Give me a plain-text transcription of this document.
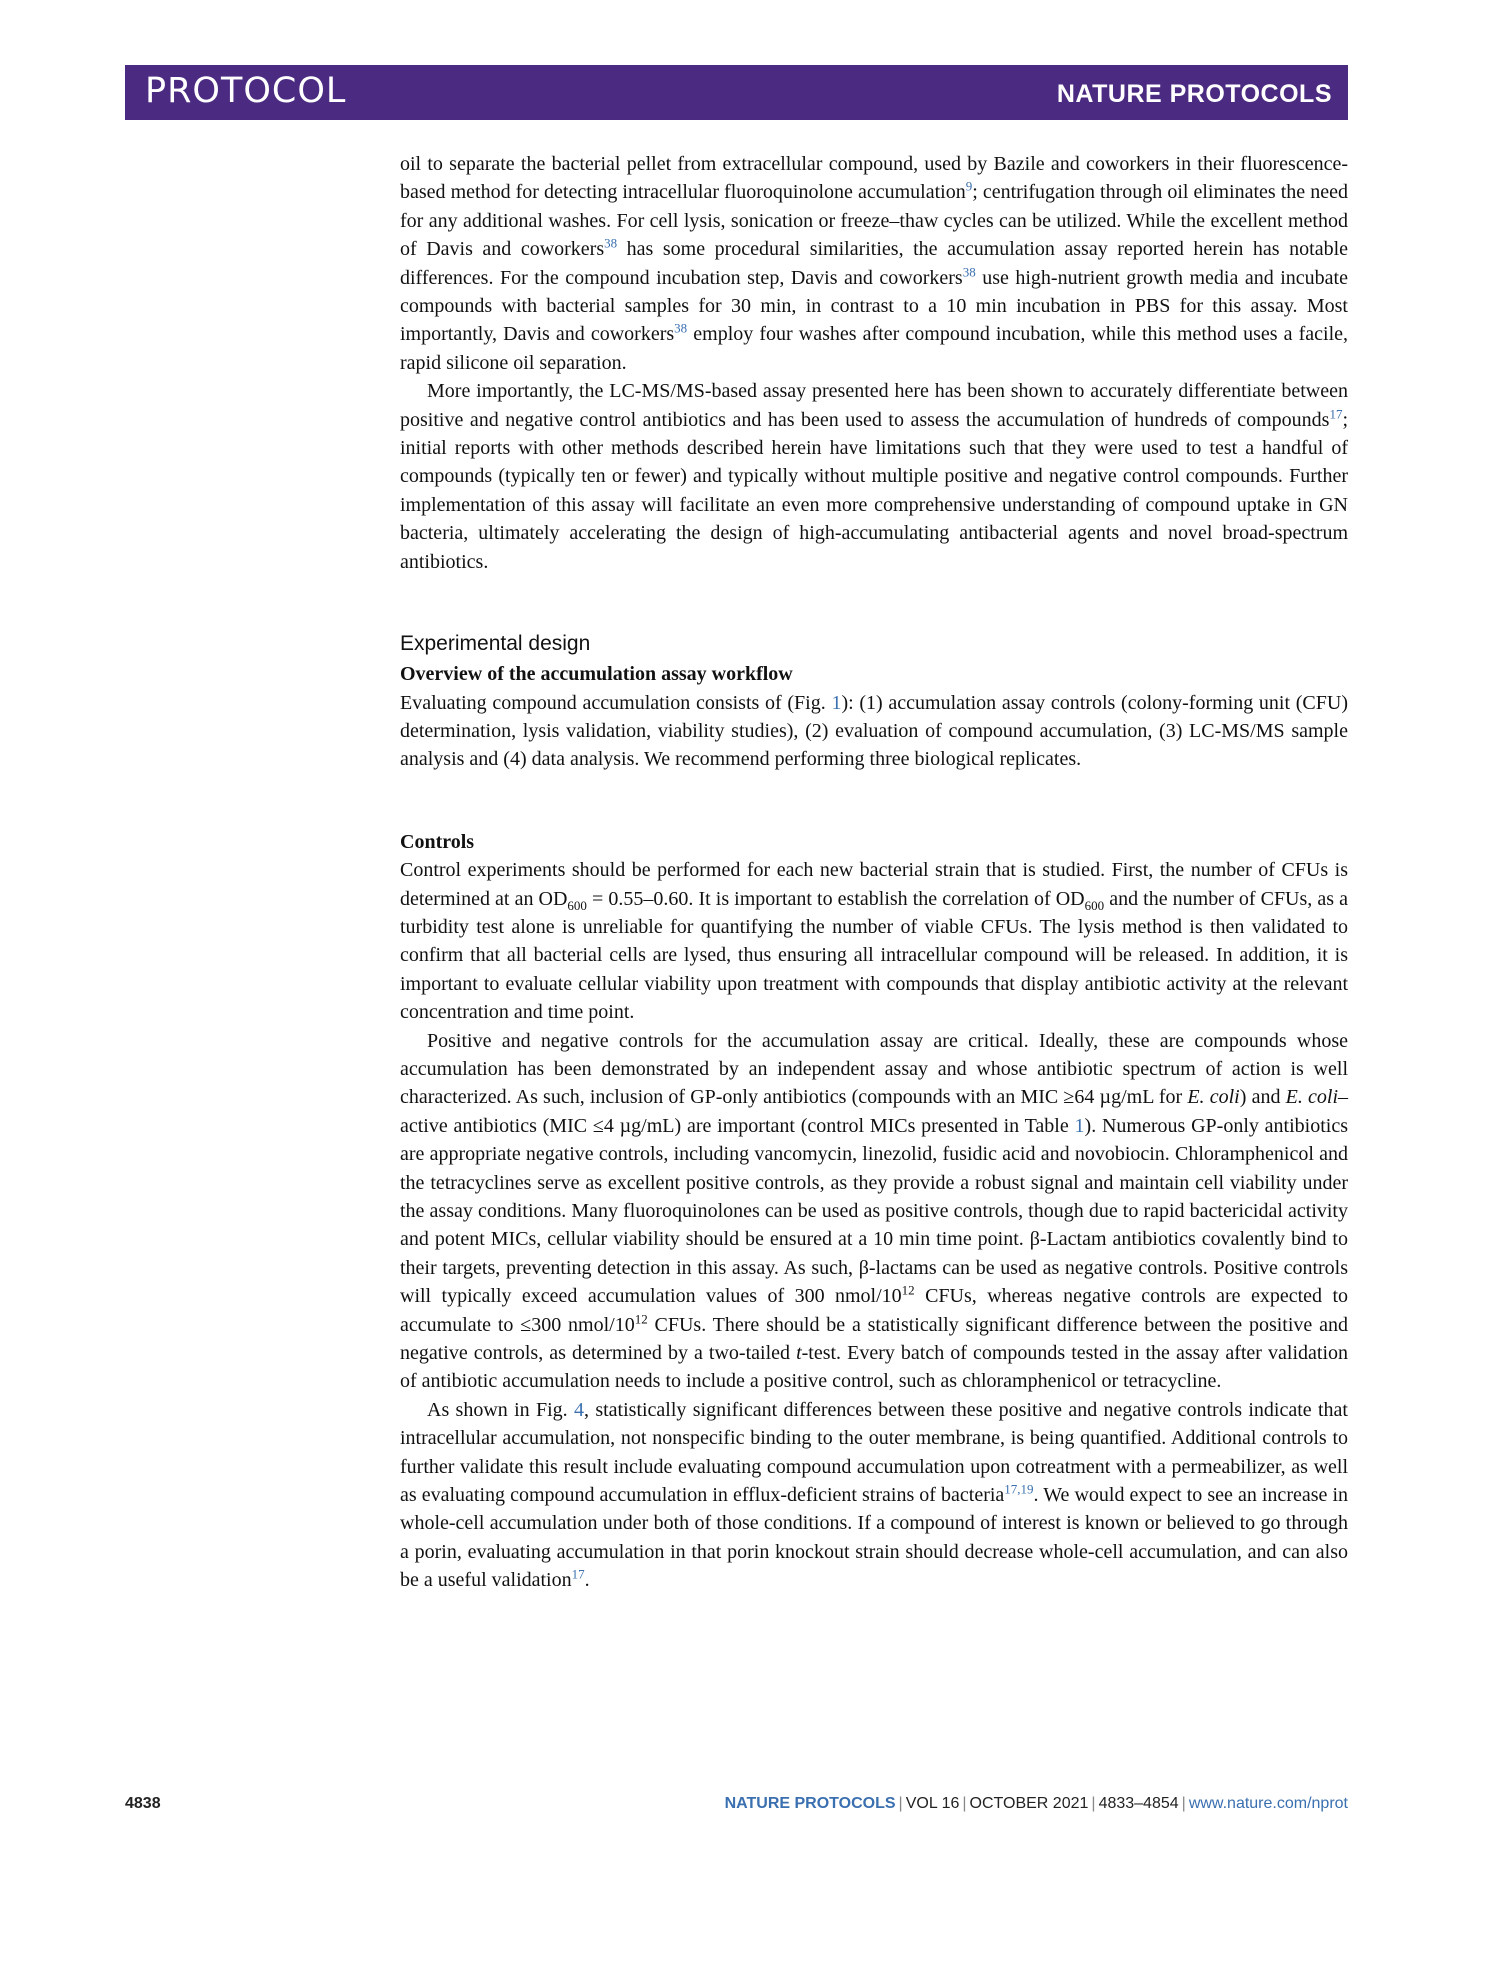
PROTOCOL	NATURE PROTOCOLS

oil to separate the bacterial pellet from extracellular compound, used by Bazile and coworkers in their fluorescence-based method for detecting intracellular fluoroquinolone accumulation$^9$; centrifugation through oil eliminates the need for any additional washes. For cell lysis, sonication or freeze–thaw cycles can be utilized. While the excellent method of Davis and coworkers$^{38}$ has some procedural similarities, the accumulation assay reported herein has notable differences. For the compound incubation step, Davis and coworkers$^{38}$ use high-nutrient growth media and incubate compounds with bacterial samples for 30 min, in contrast to a 10 min incubation in PBS for this assay. Most importantly, Davis and coworkers$^{38}$ employ four washes after compound incubation, while this method uses a facile, rapid silicone oil separation.

More importantly, the LC-MS/MS-based assay presented here has been shown to accurately differentiate between positive and negative control antibiotics and has been used to assess the accumulation of hundreds of compounds$^{17}$; initial reports with other methods described herein have limitations such that they were used to test a handful of compounds (typically ten or fewer) and typically without multiple positive and negative control compounds. Further implementation of this assay will facilitate an even more comprehensive understanding of compound uptake in GN bacteria, ultimately accelerating the design of high-accumulating antibacterial agents and novel broad-spectrum antibiotics.

Experimental design
Overview of the accumulation assay workflow

Evaluating compound accumulation consists of (Fig. 1): (1) accumulation assay controls (colony-forming unit (CFU) determination, lysis validation, viability studies), (2) evaluation of compound accumulation, (3) LC-MS/MS sample analysis and (4) data analysis. We recommend performing three biological replicates.

Controls

Control experiments should be performed for each new bacterial strain that is studied. First, the number of CFUs is determined at an $OD_{600} = 0.55-0.60$. It is important to establish the correlation of $OD_{600}$ and the number of CFUs, as a turbidity test alone is unreliable for quantifying the number of viable CFUs. The lysis method is then validated to confirm that all bacterial cells are lysed, thus ensuring all intracellular compound will be released. In addition, it is important to evaluate cellular viability upon treatment with compounds that display antibiotic activity at the relevant concentration and time point.

Positive and negative controls for the accumulation assay are critical. Ideally, these are compounds whose accumulation has been demonstrated by an independent assay and whose antibiotic spectrum of action is well characterized. As such, inclusion of GP-only antibiotics (compounds with an MIC ≥64 µg/mL for E. coli) and E. coli–active antibiotics (MIC ≤4 µg/mL) are important (control MICs presented in Table 1). Numerous GP-only antibiotics are appropriate negative controls, including vancomycin, linezolid, fusidic acid and novobiocin. Chloramphenicol and the tetracyclines serve as excellent positive controls, as they provide a robust signal and maintain cell viability under the assay conditions. Many fluoroquinolones can be used as positive controls, though due to rapid bactericidal activity and potent MICs, cellular viability should be ensured at a 10 min time point. β-Lactam antibiotics covalently bind to their targets, preventing detection in this assay. As such, β-lactams can be used as negative controls. Positive controls will typically exceed accumulation values of 300 nmol/$10^{12}$ CFUs, whereas negative controls are expected to accumulate to ≤300 nmol/$10^{12}$ CFUs. There should be a statistically significant difference between the positive and negative controls, as determined by a two-tailed t-test. Every batch of compounds tested in the assay after validation of antibiotic accumulation needs to include a positive control, such as chloramphenicol or tetracycline.

As shown in Fig. 4, statistically significant differences between these positive and negative controls indicate that intracellular accumulation, not nonspecific binding to the outer membrane, is being quantified. Additional controls to further validate this result include evaluating compound accumulation upon cotreatment with a permeabilizer, as well as evaluating compound accumulation in efflux-deficient strains of bacteria$^{17,19}$. We would expect to see an increase in whole-cell accumulation under both of those conditions. If a compound of interest is known or believed to go through a porin, evaluating accumulation in that porin knockout strain should decrease whole-cell accumulation, and can also be a useful validation$^{17}$.

4838	NATURE PROTOCOLS | VOL 16 | OCTOBER 2021 | 4833–4854 | www.nature.com/nprot
